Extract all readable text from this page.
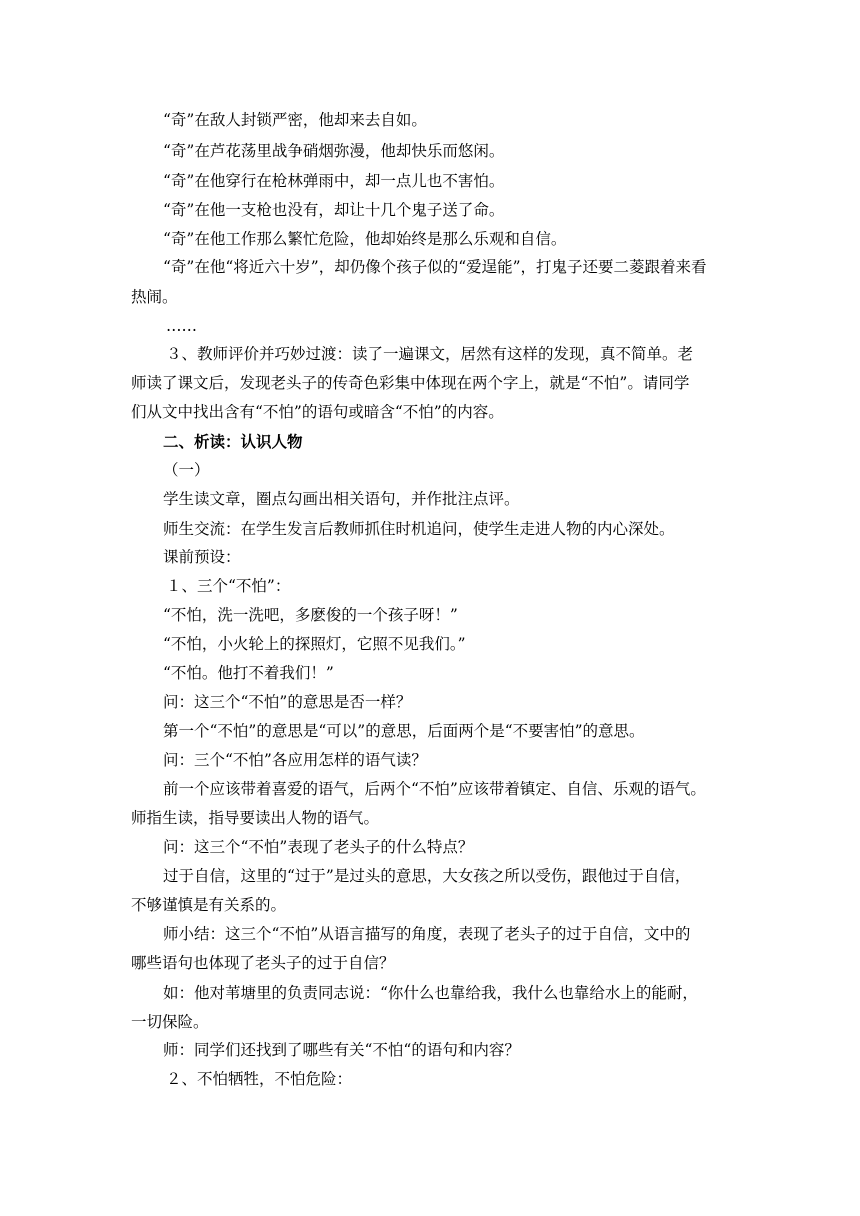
“奇”在敌人封锁严密，他却来去自如。
“奇”在芦花荡里战争硝烟弥漫，他却快乐而悠闲。
“奇”在他穿行在枪林弹雨中，却一点儿也不害怕。
“奇”在他一支枪也没有，却让十几个鬼子送了命。
“奇”在他工作那么繁忙危险，他却始终是那么乐观和自信。
“奇”在他“将近六十岁”，却仍像个孩子似的“爱逞能”，打鬼子还要二菱跟着来看
热闹。
……
３、教师评价并巧妙过渡：读了一遍课文，居然有这样的发现，真不简单。老
师读了课文后，发现老头子的传奇色彩集中体现在两个字上，就是“不怕”。请同学
们从文中找出含有“不怕”的语句或暗含“不怕”的内容。
二、析读：认识人物
（一）
学生读文章，圈点勾画出相关语句，并作批注点评。
师生交流：在学生发言后教师抓住时机追问，使学生走进人物的内心深处。
课前预设：
１、三个“不怕”：
“不怕，洗一洗吧，多麽俊的一个孩子呀！”
“不怕，小火轮上的探照灯，它照不见我们。”
“不怕。他打不着我们！”
问：这三个“不怕”的意思是否一样？
第一个“不怕”的意思是“可以”的意思，后面两个是“不要害怕”的意思。
问：三个“不怕”各应用怎样的语气读？
前一个应该带着喜爱的语气，后两个“不怕”应该带着镇定、自信、乐观的语气。
师指生读，指导要读出人物的语气。
问：这三个“不怕”表现了老头子的什么特点？
过于自信，这里的“过于”是过头的意思，大女孩之所以受伤，跟他过于自信，
不够谨慎是有关系的。
师小结：这三个“不怕”从语言描写的角度，表现了老头子的过于自信，文中的
哪些语句也体现了老头子的过于自信？
如：他对苇塘里的负责同志说：“你什么也靠给我，我什么也靠给水上的能耐，
一切保险。
师：同学们还找到了哪些有关“不怕“的语句和内容？
２、不怕牺牲，不怕危险：
